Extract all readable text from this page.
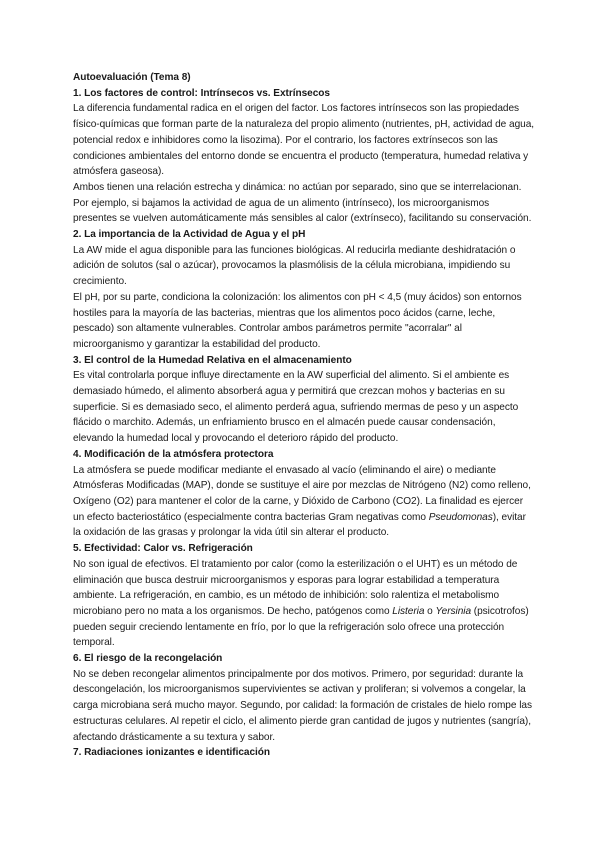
Autoevaluación (Tema 8)
1. Los factores de control: Intrínsecos vs. Extrínsecos

La diferencia fundamental radica en el origen del factor. Los factores intrínsecos son las propiedades físico-químicas que forman parte de la naturaleza del propio alimento (nutrientes, pH, actividad de agua, potencial redox e inhibidores como la lisozima). Por el contrario, los factores extrínsecos son las condiciones ambientales del entorno donde se encuentra el producto (temperatura, humedad relativa y atmósfera gaseosa).

Ambos tienen una relación estrecha y dinámica: no actúan por separado, sino que se interrelacionan. Por ejemplo, si bajamos la actividad de agua de un alimento (intrínseco), los microorganismos presentes se vuelven automáticamente más sensibles al calor (extrínseco), facilitando su conservación.

2. La importancia de la Actividad de Agua y el pH

La AW mide el agua disponible para las funciones biológicas. Al reducirla mediante deshidratación o adición de solutos (sal o azúcar), provocamos la plasmólisis de la célula microbiana, impidiendo su crecimiento.

El pH, por su parte, condiciona la colonización: los alimentos con pH < 4,5 (muy ácidos) son entornos hostiles para la mayoría de las bacterias, mientras que los alimentos poco ácidos (carne, leche, pescado) son altamente vulnerables. Controlar ambos parámetros permite "acorralar" al microorganismo y garantizar la estabilidad del producto.

3. El control de la Humedad Relativa en el almacenamiento

Es vital controlarla porque influye directamente en la AW superficial del alimento. Si el ambiente es demasiado húmedo, el alimento absorberá agua y permitirá que crezcan mohos y bacterias en su superficie. Si es demasiado seco, el alimento perderá agua, sufriendo mermas de peso y un aspecto flácido o marchito. Además, un enfriamiento brusco en el almacén puede causar condensación, elevando la humedad local y provocando el deterioro rápido del producto.

4. Modificación de la atmósfera protectora

La atmósfera se puede modificar mediante el envasado al vacío (eliminando el aire) o mediante Atmósferas Modificadas (MAP), donde se sustituye el aire por mezclas de Nitrógeno (N2) como relleno, Oxígeno (O2) para mantener el color de la carne, y Dióxido de Carbono (CO2). La finalidad es ejercer un efecto bacteriostático (especialmente contra bacterias Gram negativas como Pseudomonas), evitar la oxidación de las grasas y prolongar la vida útil sin alterar el producto.

5. Efectividad: Calor vs. Refrigeración

No son igual de efectivos. El tratamiento por calor (como la esterilización o el UHT) es un método de eliminación que busca destruir microorganismos y esporas para lograr estabilidad a temperatura ambiente. La refrigeración, en cambio, es un método de inhibición: solo ralentiza el metabolismo microbiano pero no mata a los organismos. De hecho, patógenos como Listeria o Yersinia (psicotrofos) pueden seguir creciendo lentamente en frío, por lo que la refrigeración solo ofrece una protección temporal.

6. El riesgo de la recongelación

No se deben recongelar alimentos principalmente por dos motivos. Primero, por seguridad: durante la descongelación, los microorganismos supervivientes se activan y proliferan; si volvemos a congelar, la carga microbiana será mucho mayor. Segundo, por calidad: la formación de cristales de hielo rompe las estructuras celulares. Al repetir el ciclo, el alimento pierde gran cantidad de jugos y nutrientes (sangría), afectando drásticamente a su textura y sabor.

7. Radiaciones ionizantes e identificación
